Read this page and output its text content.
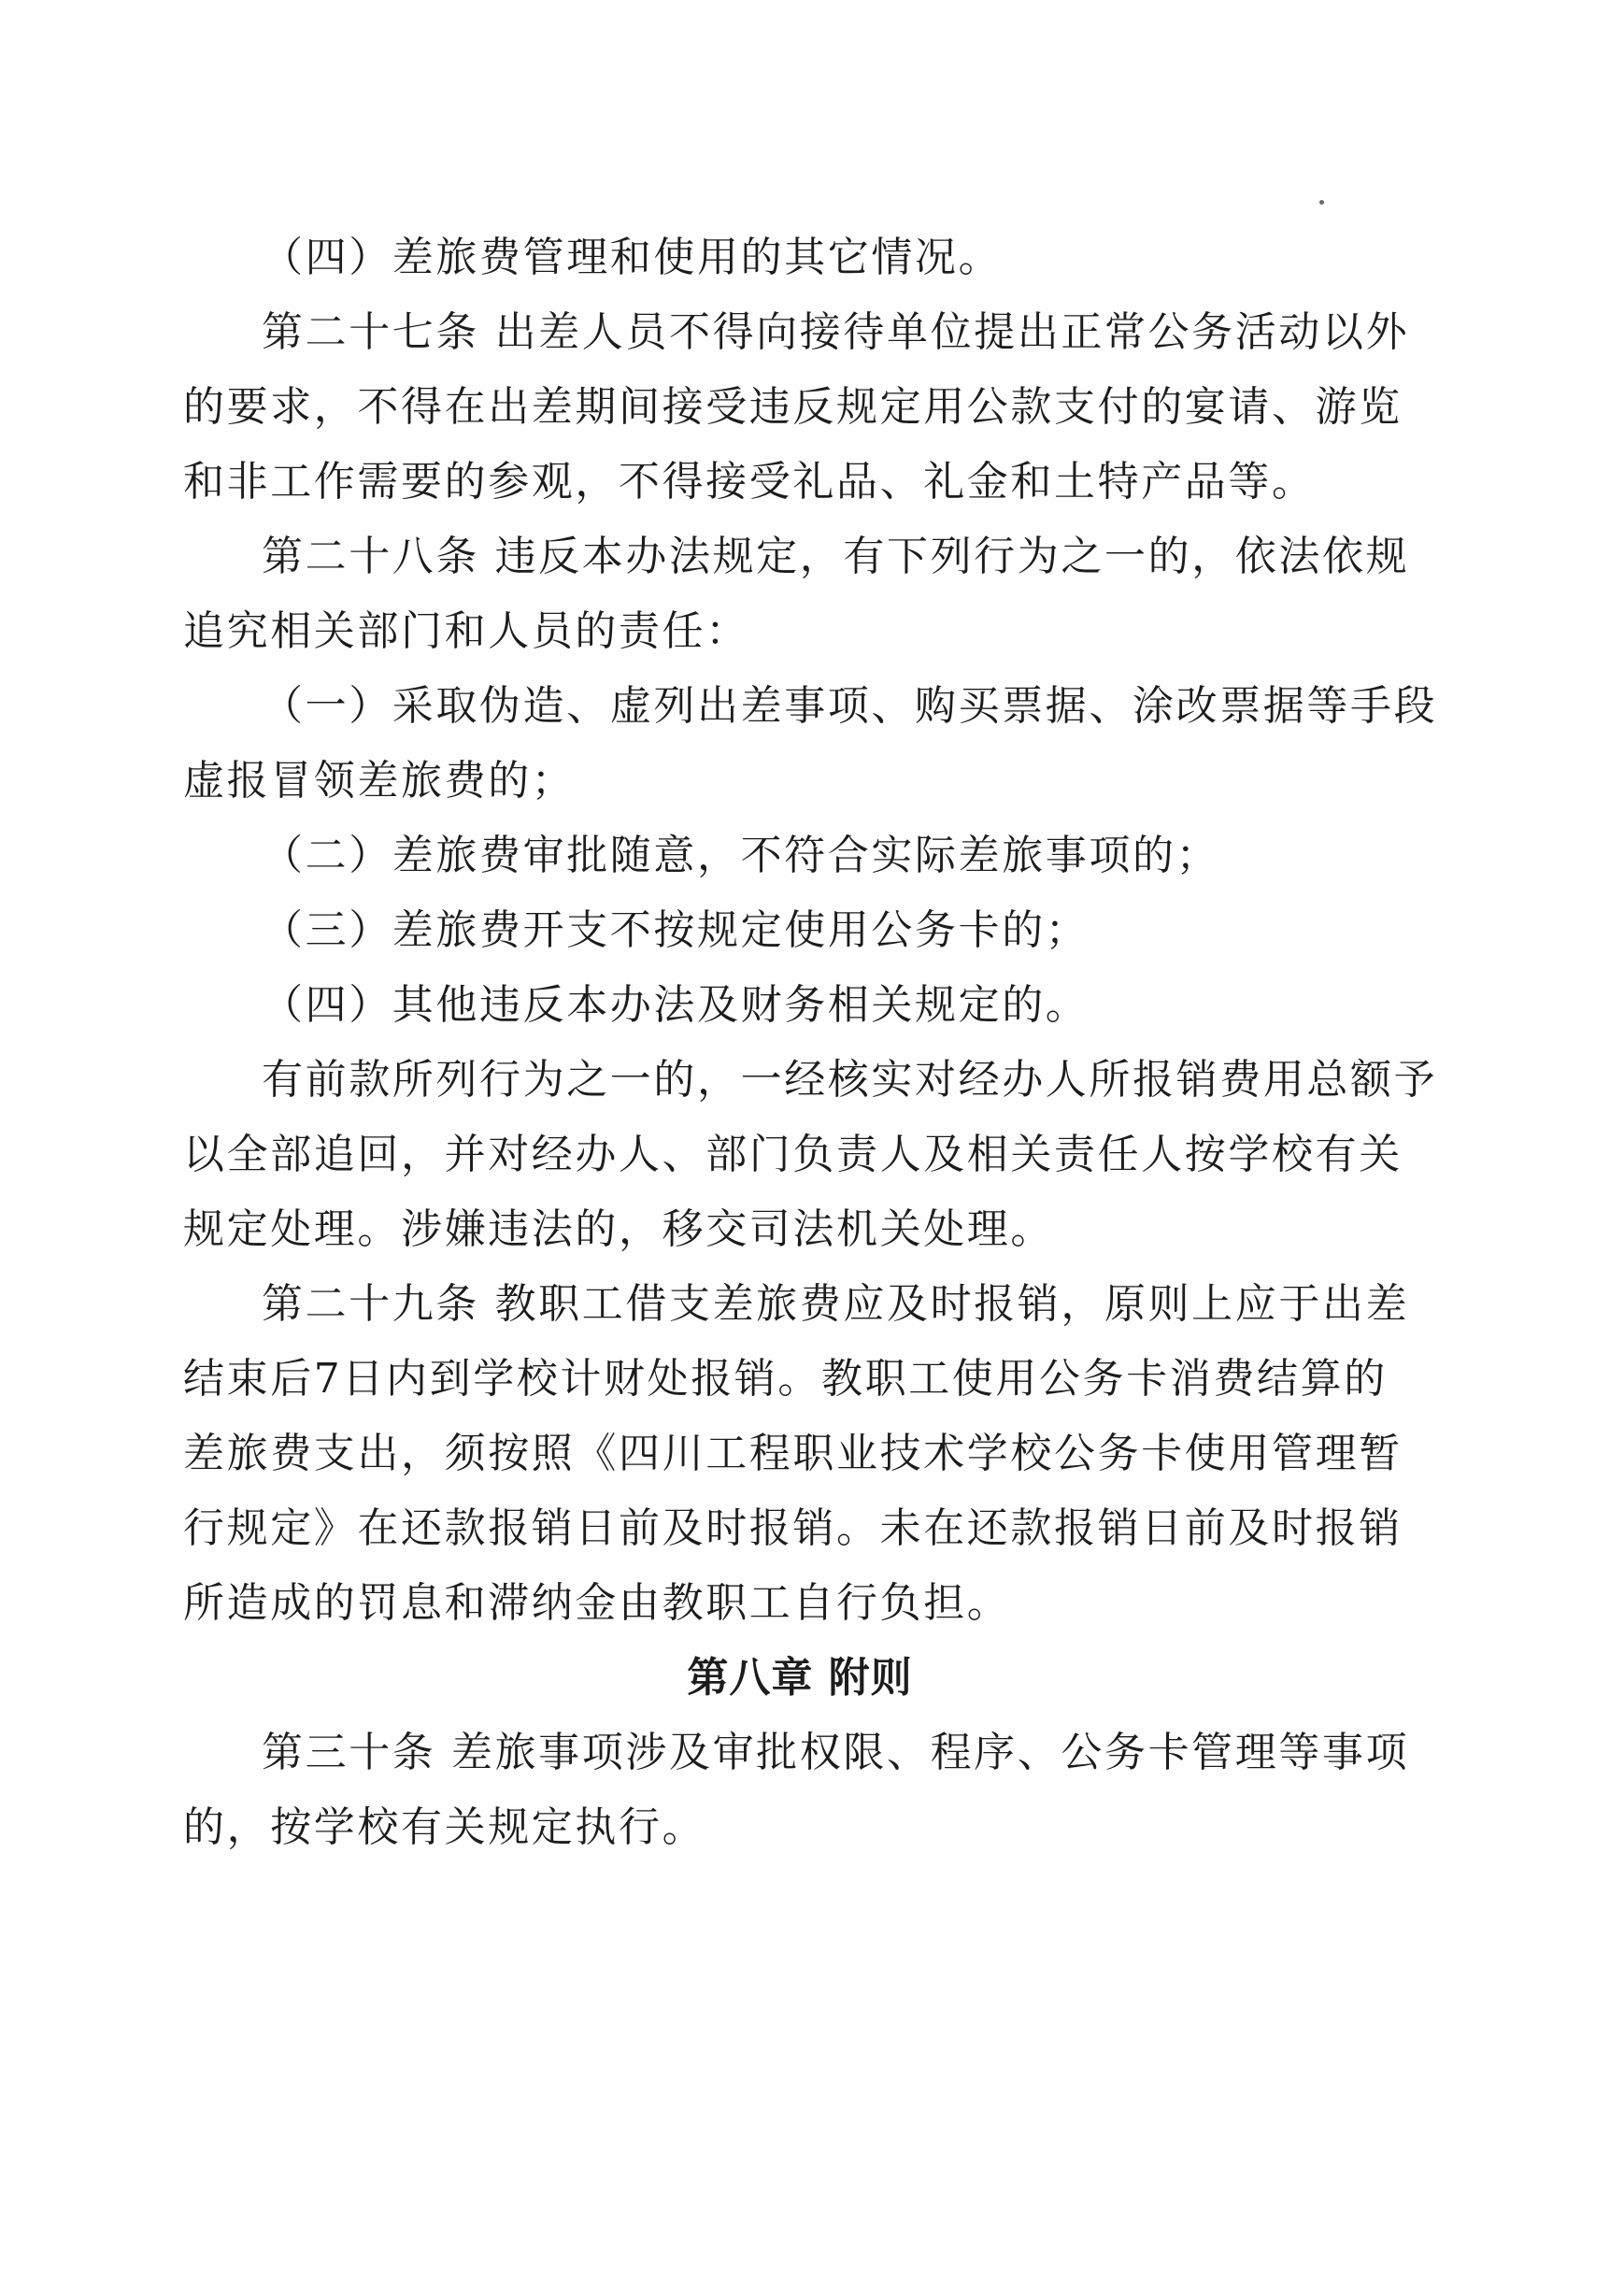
（四）差旅费管理和使用的其它情况。
第二十七条 出差人员不得向接待单位提出正常公务活动以外
的要求，不得在出差期间接受违反规定用公款支付的宴请、游览
和非工作需要的参观，不得接受礼品、礼金和土特产品等。
第二十八条 违反本办法规定，有下列行为之一的，依法依规
追究相关部门和人员的责任：
（一）采取伪造、虚列出差事项、购买票据、涂改票据等手段
虚报冒领差旅费的；
（二）差旅费审批随意，不符合实际差旅事项的；
（三）差旅费开支不按规定使用公务卡的；
（四）其他违反本办法及财务相关规定的。
有前款所列行为之一的，一经核实对经办人所报销费用总额予
以全部追回，并对经办人、部门负责人及相关责任人按学校有关
规定处理。涉嫌违法的，移交司法机关处理。
第二十九条 教职工借支差旅费应及时报销，原则上应于出差
结束后7日内到学校计财处报销。教职工使用公务卡消费结算的
差旅费支出，须按照《四川工程职业技术学校公务卡使用管理暂
行规定》在还款报销日前及时报销。未在还款报销日前及时报销
所造成的罚息和滞纳金由教职工自行负担。
第八章 附则
第三十条 差旅事项涉及审批权限、程序、公务卡管理等事项
的，按学校有关规定执行。
